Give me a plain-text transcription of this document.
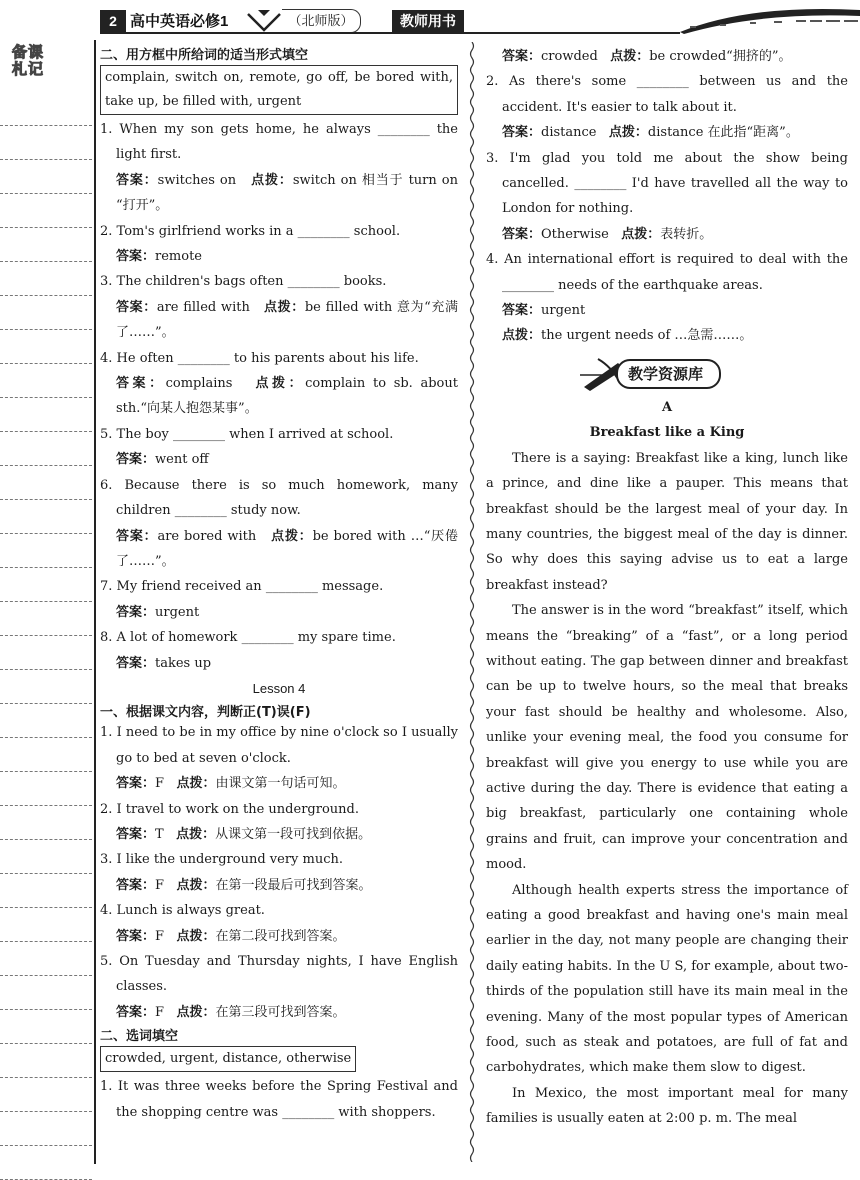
2 高中英语必修1	（北师版）	教师用书
备课
札记

二、用方框中所给词的适当形式填空

complain, switch on, remote, go off, be bored with, take up, be filled with, urgent

1. When my son gets home, he always ________ the light first.

答案：switches on 点拨：switch on 相当于 turn on “打开”。

2. Tom's girlfriend works in a ________ school.

答案：remote

3. The children's bags often ________ books.

答案：are filled with 点拨：be filled with 意为“充满了……”。

4. He often ________ to his parents about his life.

答案：complains 点拨：complain to sb. about sth.“向某人抱怨某事”。

5. The boy ________ when I arrived at school.

答案：went off

6. Because there is so much homework, many children ________ study now.

答案：are bored with 点拨：be bored with …“厌倦了……”。

7. My friend received an ________ message.

答案：urgent

8. A lot of homework ________ my spare time.

答案：takes up

Lesson 4

一、根据课文内容，判断正(T)误(F)

1. I need to be in my office by nine o'clock so I usually go to bed at seven o'clock.

答案：F 点拨：由课文第一句话可知。

2. I travel to work on the underground.

答案：T 点拨：从课文第一段可找到依据。

3. I like the underground very much.

答案：F 点拨：在第一段最后可找到答案。

4. Lunch is always great.

答案：F 点拨：在第二段可找到答案。

5. On Tuesday and Thursday nights, I have English classes.

答案：F 点拨：在第三段可找到答案。

二、选词填空

crowded, urgent, distance, otherwise

1. It was three weeks before the Spring Festival and the shopping centre was ________ with shoppers.

答案：crowded 点拨：be crowded“拥挤的”。

2. As there's some ________ between us and the accident. It's easier to talk about it.

答案：distance 点拨：distance 在此指“距离”。

3. I'm glad you told me about the show being cancelled. ________ I'd have travelled all the way to London for nothing.

答案：Otherwise 点拨：表转折。

4. An international effort is required to deal with the ________ needs of the earthquake areas.

答案：urgent

点拨：the urgent needs of …急需……。

教学资源库

A

Breakfast like a King

There is a saying: Breakfast like a king, lunch like a prince, and dine like a pauper. This means that breakfast should be the largest meal of your day. In many countries, the biggest meal of the day is dinner. So why does this saying advise us to eat a large breakfast instead?

The answer is in the word “breakfast” itself, which means the “breaking” of a “fast”, or a long period without eating. The gap between dinner and breakfast can be up to twelve hours, so the meal that breaks your fast should be healthy and wholesome. Also, unlike your evening meal, the food you consume for breakfast will give you energy to use while you are active during the day. There is evidence that eating a big breakfast, particularly one containing whole grains and fruit, can improve your concentration and mood.

Although health experts stress the importance of eating a good breakfast and having one's main meal earlier in the day, not many people are changing their daily eating habits. In the U S, for example, about two-thirds of the population still have its main meal in the evening. Many of the most popular types of American food, such as steak and potatoes, are full of fat and carbohydrates, which make them slow to digest.

In Mexico, the most important meal for many families is usually eaten at 2:00 p. m. The meal
